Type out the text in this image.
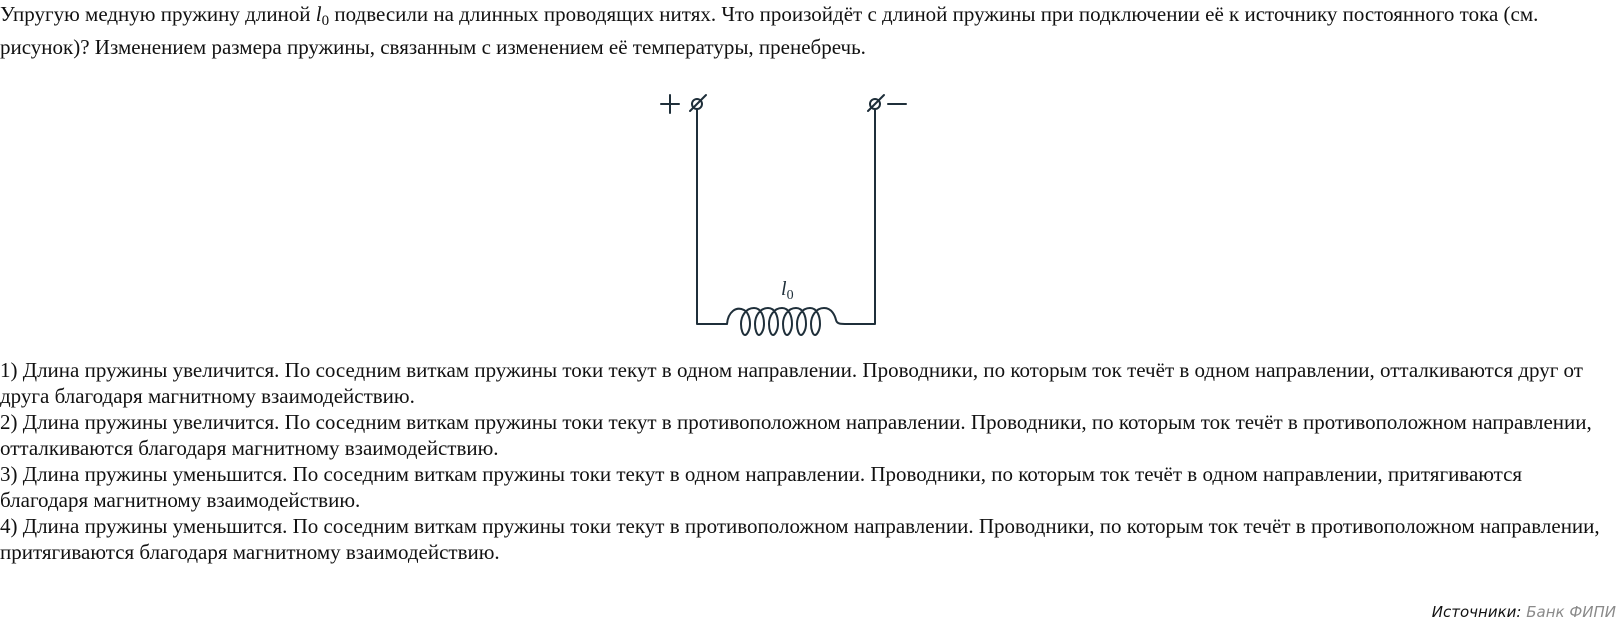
Упругую медную пружину длиной l0 подвесили на длинных проводящих нитях. Что произойдёт с длиной пружины при подключении её к источнику постоянного тока (см. рисунок)? Изменением размера пружины, связанным с изменением её температуры, пренебречь.

$l_0$
1) Длина пружины увеличится. По соседним виткам пружины токи текут в одном направлении. Проводники, по которым ток течёт в одном направлении, отталкиваются друг от друга благодаря магнитному взаимодействию.
2) Длина пружины увеличится. По соседним виткам пружины токи текут в противоположном направлении. Проводники, по которым ток течёт в противоположном направлении, отталкиваются благодаря магнитному взаимодействию.
3) Длина пружины уменьшится. По соседним виткам пружины токи текут в одном направлении. Проводники, по которым ток течёт в одном направлении, притягиваются благодаря магнитному взаимодействию.
4) Длина пружины уменьшится. По соседним виткам пружины токи текут в противоположном направлении. Проводники, по которым ток течёт в противоположном направлении, притягиваются благодаря магнитному взаимодействию.
Источники: Банк ФИПИ
